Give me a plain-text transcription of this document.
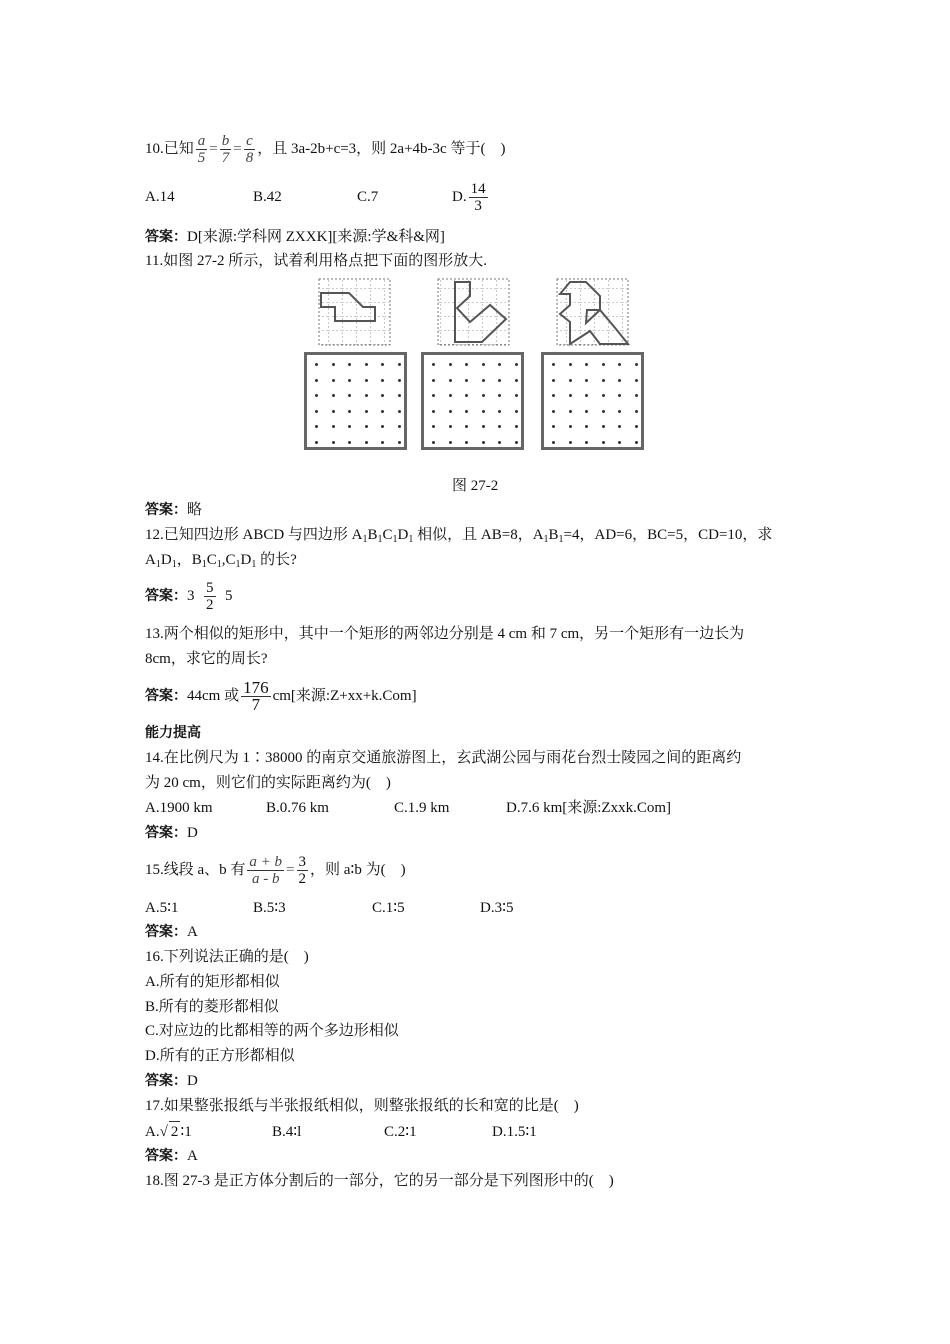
10.已知 $\frac{a}{5} = \frac{b}{7} = \frac{c}{8}$ ，且 3a-2b+c=3，则 2a+4b-3c 等于(　)
A.14	B.42	C.7	D. $\frac{14}{3}$
答案：D[来源:学科网 ZXXK][来源:学&科&网]
11.如图 27-2 所示，试着利用格点把下面的图形放大.
图 27-2
答案：略
12.已知四边形 ABCD 与四边形 $A_1B_1C_1D_1$ 相似，且 AB=8，$A_1B_1=4$，AD=6，BC=5，CD=10，求
$A_1D_1$，$B_1C_1,C_1D_1$ 的长?
答案：$3 \frac{5}{2} 5$
13.两个相似的矩形中，其中一个矩形的两邻边分别是 4 cm 和 7 cm，另一个矩形有一边长为
8cm，求它的周长?
答案：44cm 或 $\frac{176}{7} cm$[来源:Z+xx+k.Com]
能力提高
14.在比例尺为 1∶38000 的南京交通旅游图上，玄武湖公园与雨花台烈士陵园之间的距离约
为 20 cm，则它们的实际距离约为(　)
A.1900 km	B.0.76 km	C.1.9 km	D.7.6 km[来源:Zxxk.Com]
答案：D
15.线段 a、b 有 $\frac{a + b}{a - b} = \frac{3}{2}$ ，则 a∶b 为(　)
A.5∶1	B.5∶3	C.1∶5	D.3∶5
答案：A
16.下列说法正确的是(　)
A.所有的矩形都相似
B.所有的菱形都相似
C.对应边的比都相等的两个多边形相似
D.所有的正方形都相似
答案：D
17.如果整张报纸与半张报纸相似，则整张报纸的长和宽的比是(　)
A.√ 2 ∶1	B.4∶l	C.2∶1	D.1.5∶1
答案：A
18.图 27-3 是正方体分割后的一部分，它的另一部分是下列图形中的(　)
